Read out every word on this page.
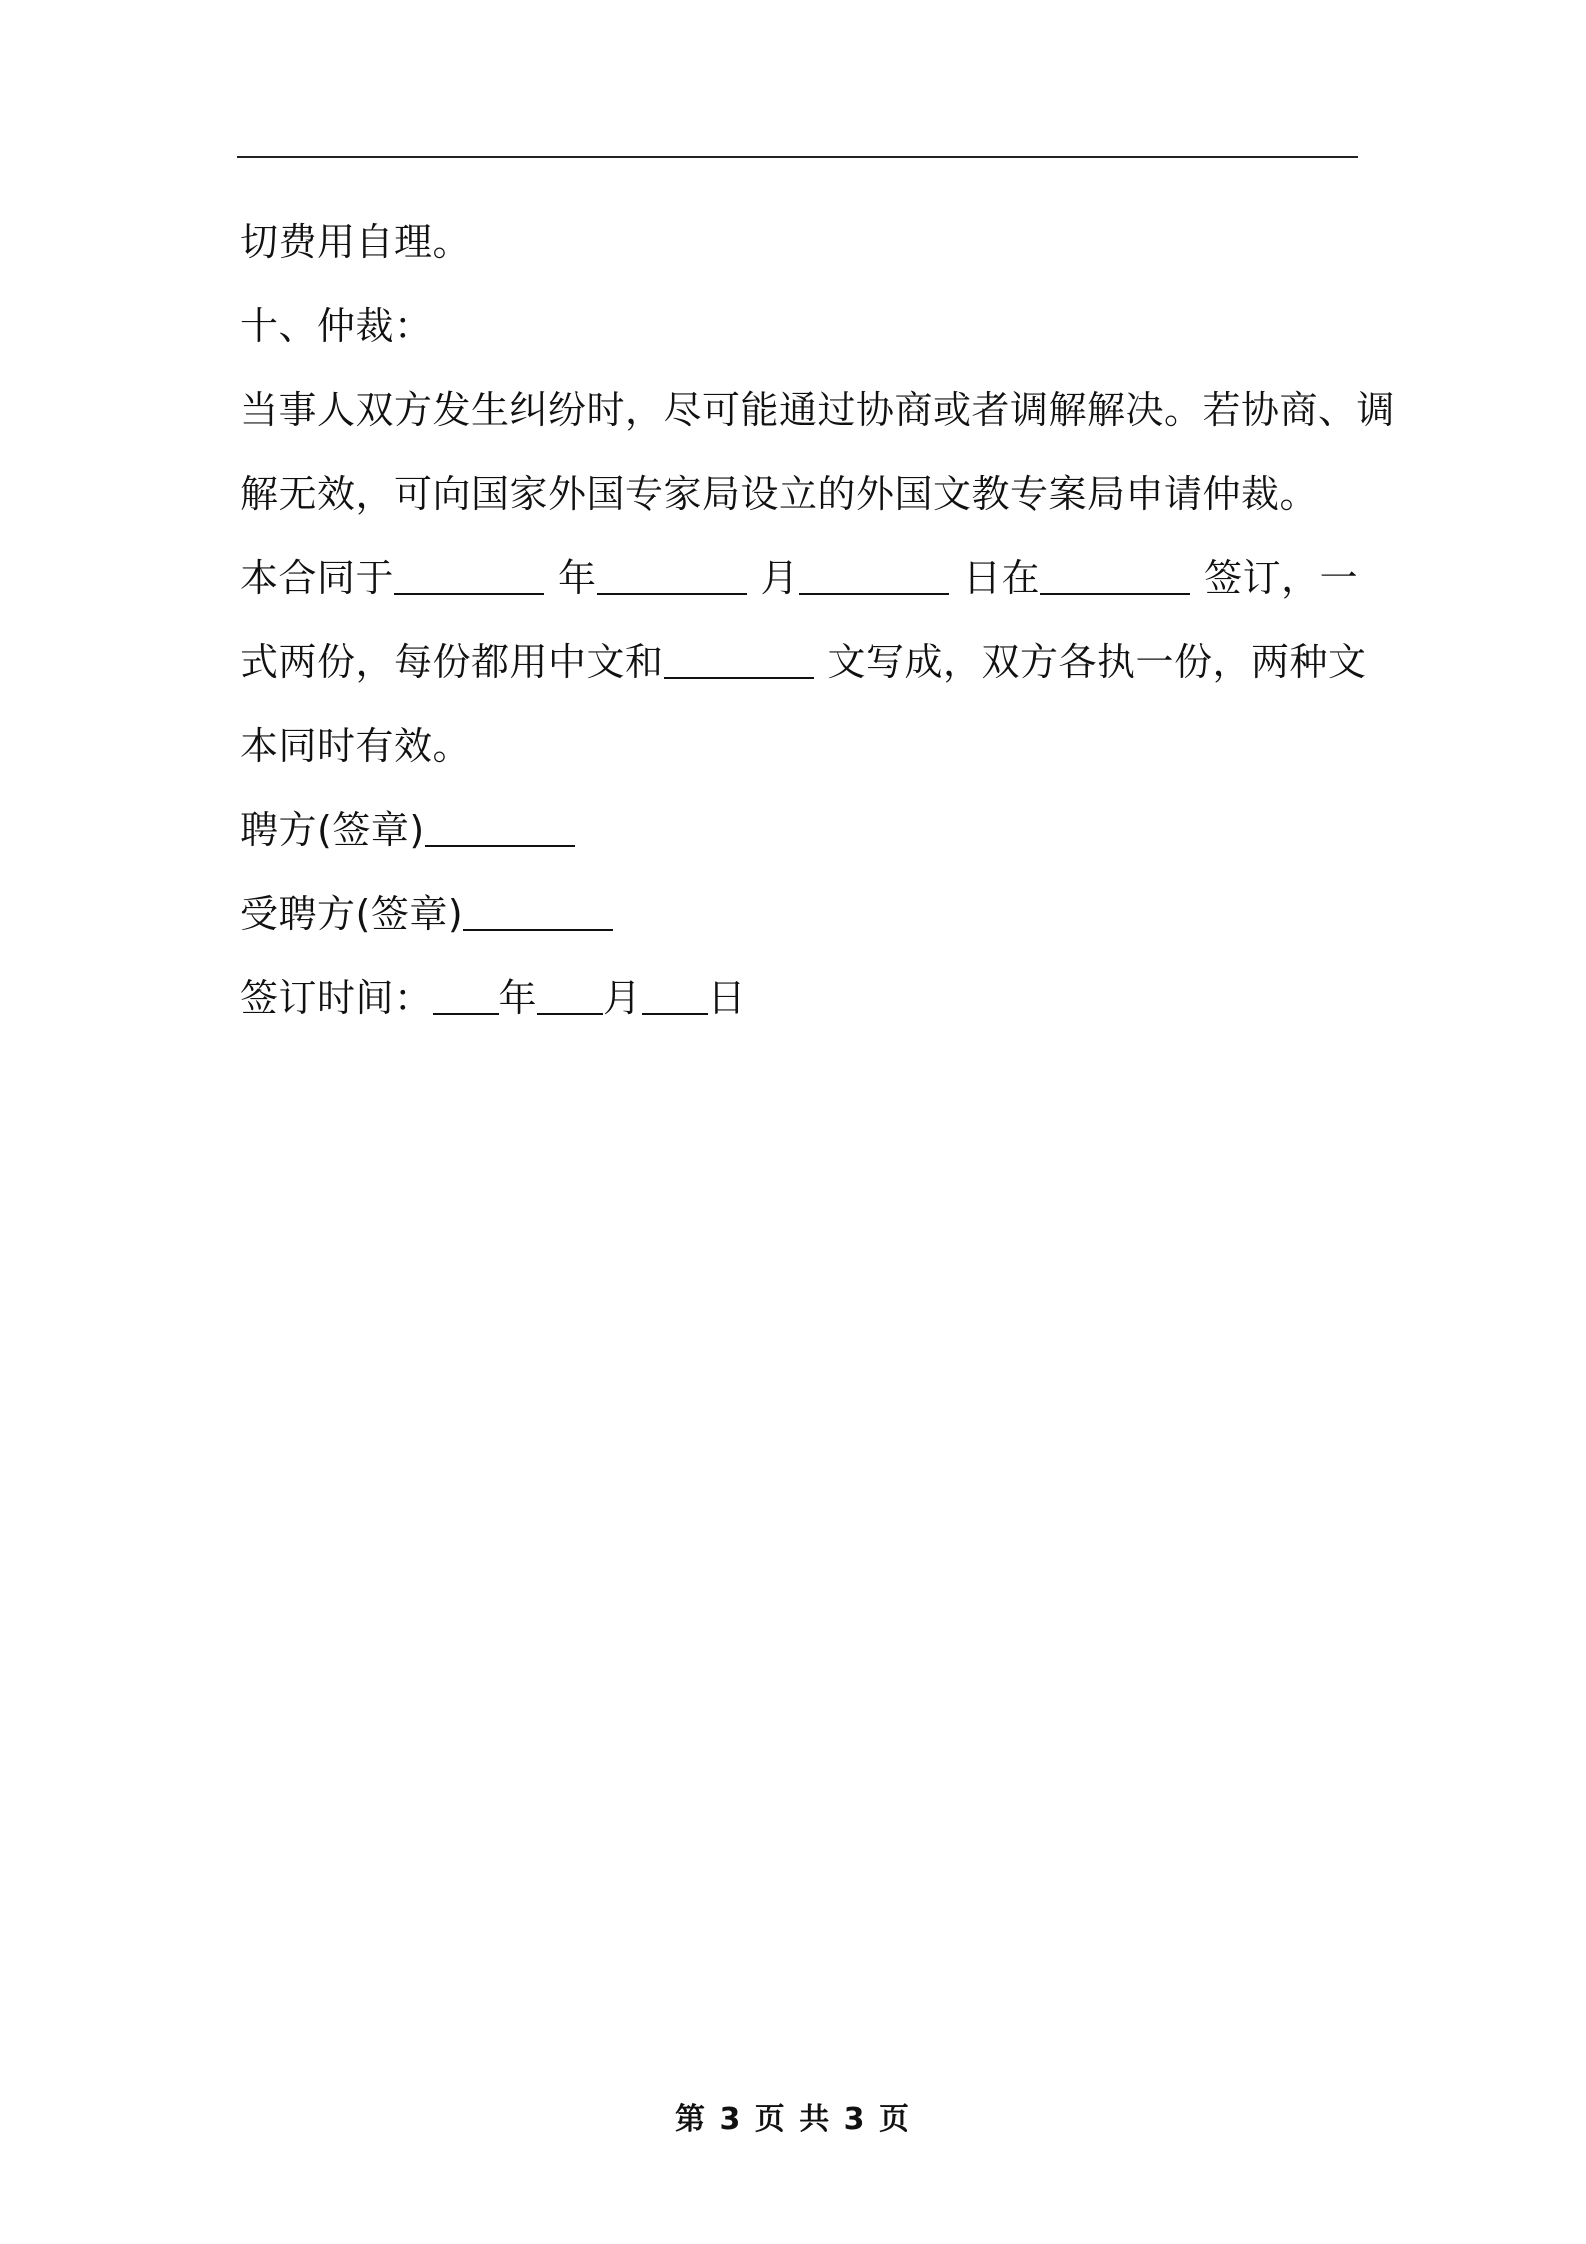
切费用自理。
十、仲裁：
当事人双方发生纠纷时，尽可能通过协商或者调解解决。若协商、调
解无效，可向国家外国专家局设立的外国文教专案局申请仲裁。
本合同于	年	月	日在	签订，一
式两份，每份都用中文和	文写成，双方各执一份，两种文
本同时有效。
聘方(签章)
受聘方(签章)
签订时间： 年 月 日
第 3 页 共 3 页
